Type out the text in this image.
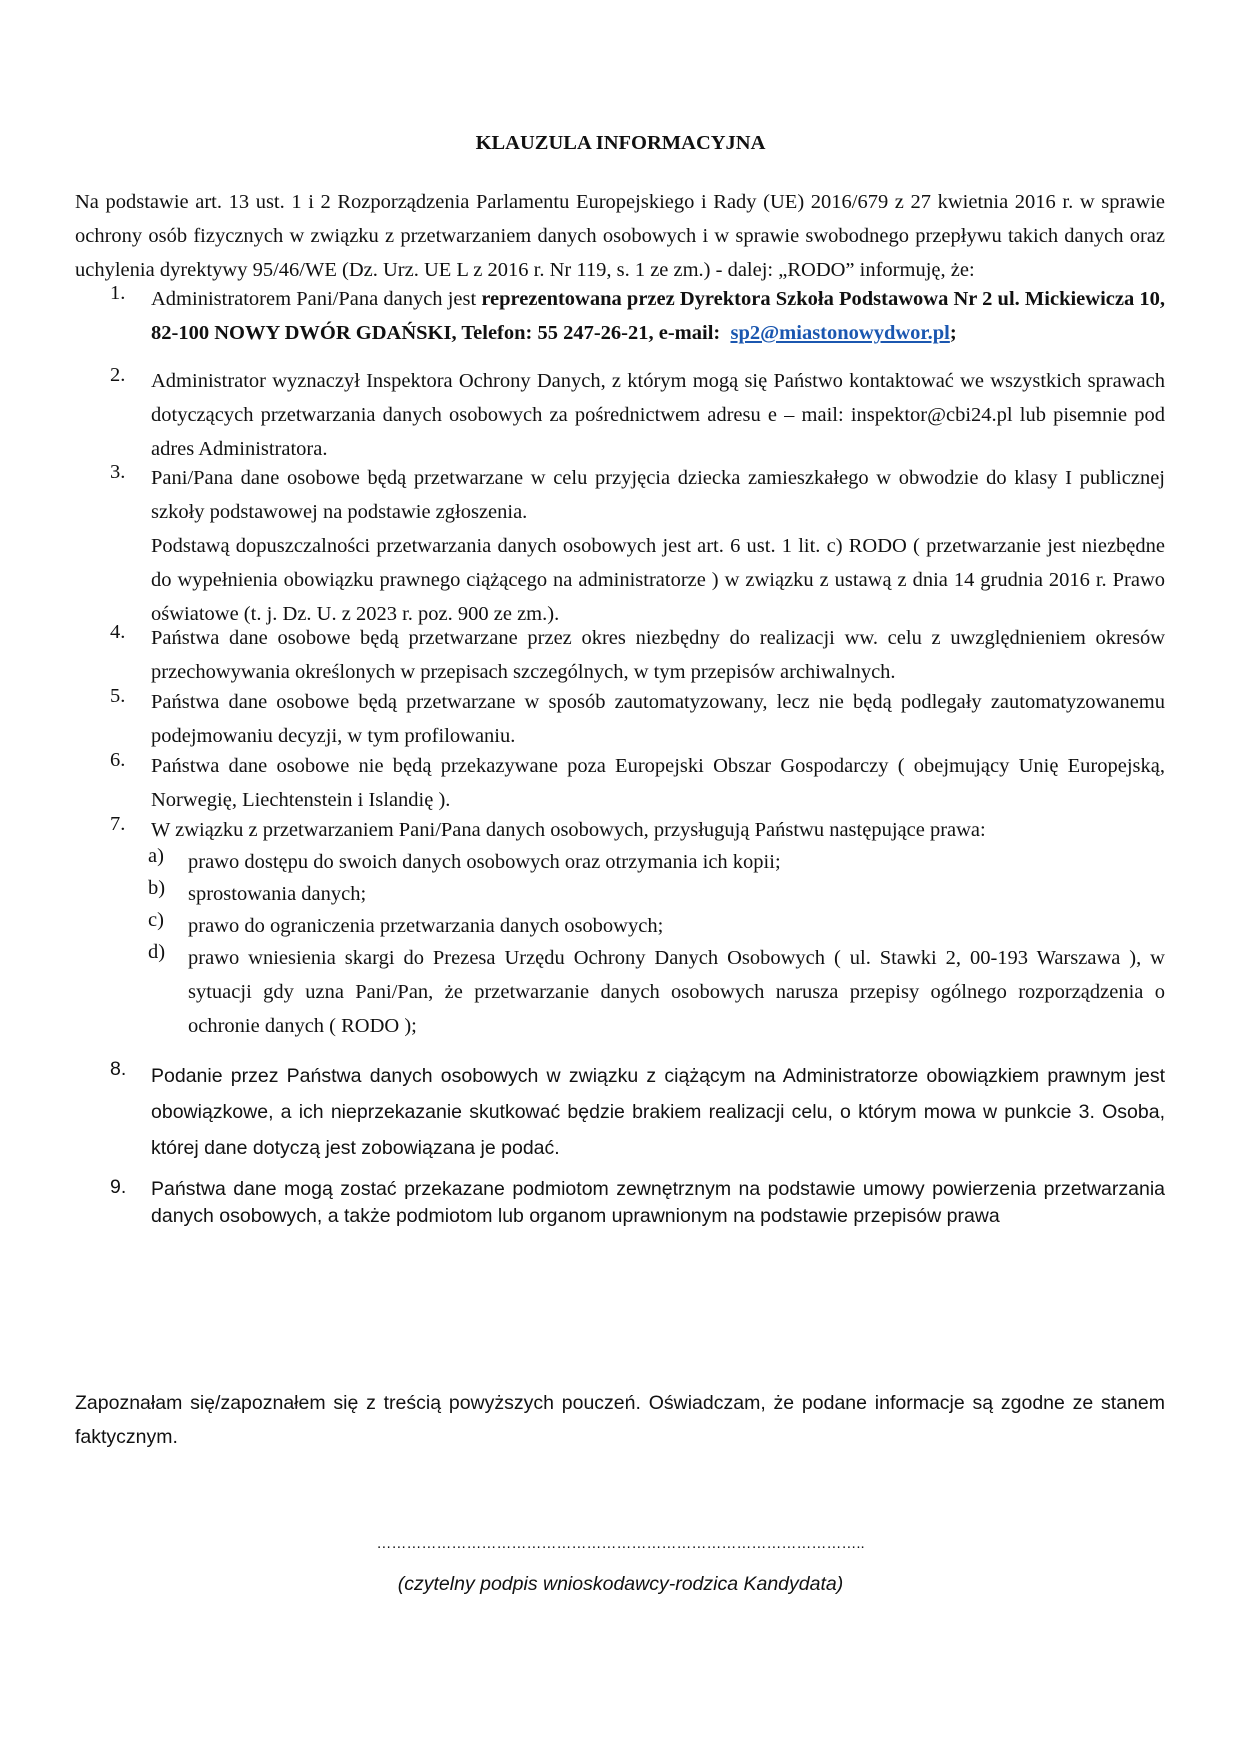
KLAUZULA INFORMACYJNA
Na podstawie art. 13 ust. 1 i 2 Rozporządzenia Parlamentu Europejskiego i Rady (UE) 2016/679 z 27 kwietnia 2016 r. w sprawie ochrony osób fizycznych w związku z przetwarzaniem danych osobowych i w sprawie swobodnego przepływu takich danych oraz uchylenia dyrektywy 95/46/WE (Dz. Urz. UE L z 2016 r. Nr 119, s. 1 ze zm.) - dalej: „RODO” informuję, że:
1. Administratorem Pani/Pana danych jest reprezentowana przez Dyrektora Szkoła Podstawowa Nr 2 ul. Mickiewicza 10, 82-100 NOWY DWÓR GDAŃSKI, Telefon: 55 247-26-21, e-mail: sp2@miastonowydwor.pl;
2. Administrator wyznaczył Inspektora Ochrony Danych, z którym mogą się Państwo kontaktować we wszystkich sprawach dotyczących przetwarzania danych osobowych za pośrednictwem adresu e – mail: inspektor@cbi24.pl lub pisemnie pod adres Administratora.
3. Pani/Pana dane osobowe będą przetwarzane w celu przyjęcia dziecka zamieszkałego w obwodzie do klasy I publicznej szkoły podstawowej na podstawie zgłoszenia.

Podstawą dopuszczalności przetwarzania danych osobowych jest art. 6 ust. 1 lit. c) RODO ( przetwarzanie jest niezbędne do wypełnienia obowiązku prawnego ciążącego na administratorze ) w związku z ustawą z dnia 14 grudnia 2016 r. Prawo oświatowe (t. j. Dz. U. z 2023 r. poz. 900 ze zm.).

4. Państwa dane osobowe będą przetwarzane przez okres niezbędny do realizacji ww. celu z uwzględnieniem okresów przechowywania określonych w przepisach szczególnych, w tym przepisów archiwalnych.
5. Państwa dane osobowe będą przetwarzane w sposób zautomatyzowany, lecz nie będą podlegały zautomatyzowanemu podejmowaniu decyzji, w tym profilowaniu.
6. Państwa dane osobowe nie będą przekazywane poza Europejski Obszar Gospodarczy ( obejmujący Unię Europejską, Norwegię, Liechtenstein i Islandię ).
7. W związku z przetwarzaniem Pani/Pana danych osobowych, przysługują Państwu następujące prawa:
a) prawo dostępu do swoich danych osobowych oraz otrzymania ich kopii;
b) sprostowania danych;
c) prawo do ograniczenia przetwarzania danych osobowych;
d) prawo wniesienia skargi do Prezesa Urzędu Ochrony Danych Osobowych ( ul. Stawki 2, 00-193 Warszawa ), w sytuacji gdy uzna Pani/Pan, że przetwarzanie danych osobowych narusza przepisy ogólnego rozporządzenia o ochronie danych ( RODO );
8. Podanie przez Państwa danych osobowych w związku z ciążącym na Administratorze obowiązkiem prawnym jest obowiązkowe, a ich nieprzekazanie skutkować będzie brakiem realizacji celu, o którym mowa w punkcie 3. Osoba, której dane dotyczą jest zobowiązana je podać.
9. Państwa dane mogą zostać przekazane podmiotom zewnętrznym na podstawie umowy powierzenia przetwarzania danych osobowych, a także podmiotom lub organom uprawnionym na podstawie przepisów prawa
Zapoznałam się/zapoznałem się z treścią powyższych pouczeń. Oświadczam, że podane informacje są zgodne ze stanem faktycznym.
……………………………………………………………………………………..
(czytelny podpis wnioskodawcy-rodzica Kandydata)
